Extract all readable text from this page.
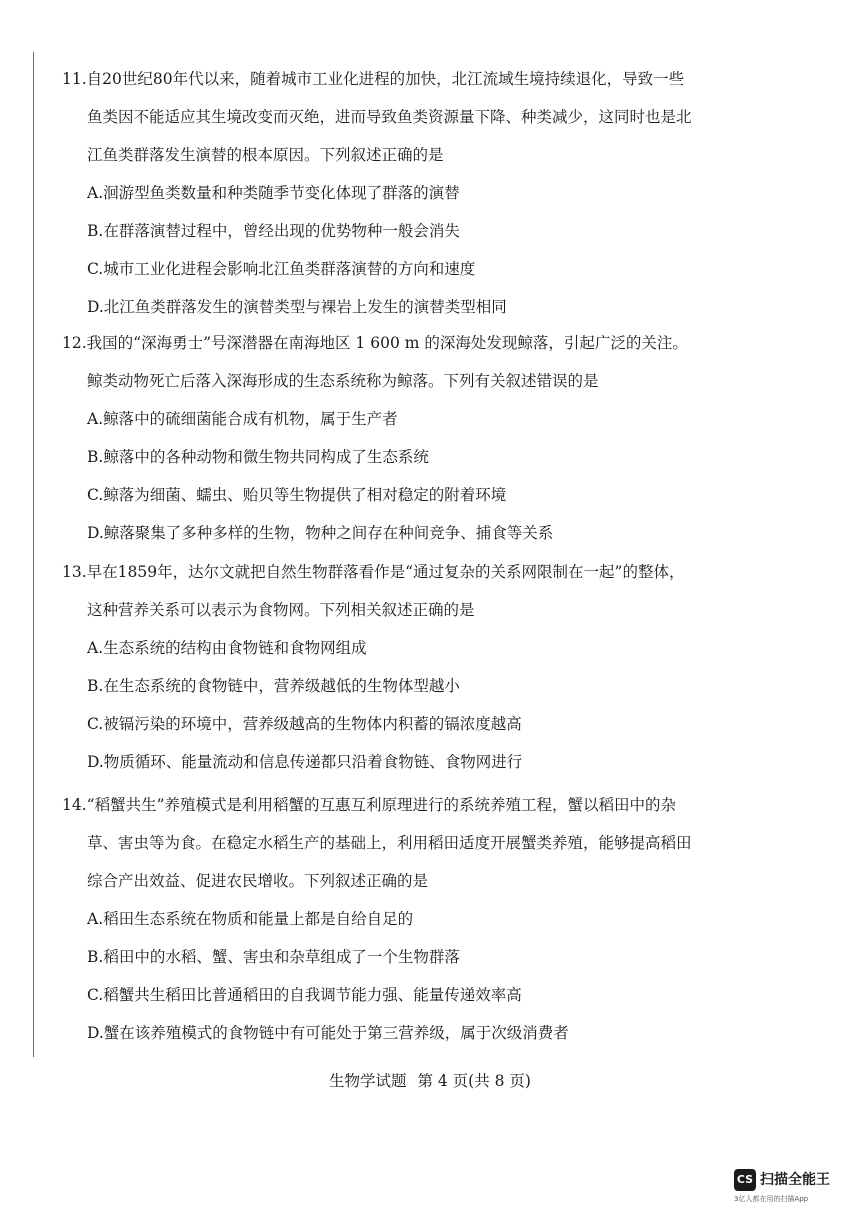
11.自20世纪80年代以来，随着城市工业化进程的加快，北江流域生境持续退化，导致一些
鱼类因不能适应其生境改变而灭绝，进而导致鱼类资源量下降、种类减少，这同时也是北
江鱼类群落发生演替的根本原因。下列叙述正确的是
A.洄游型鱼类数量和种类随季节变化体现了群落的演替
B.在群落演替过程中，曾经出现的优势物种一般会消失
C.城市工业化进程会影响北江鱼类群落演替的方向和速度
D.北江鱼类群落发生的演替类型与裸岩上发生的演替类型相同
12.我国的“深海勇士”号深潜器在南海地区 1 600 m 的深海处发现鲸落，引起广泛的关注。
鲸类动物死亡后落入深海形成的生态系统称为鲸落。下列有关叙述错误的是
A.鲸落中的硫细菌能合成有机物，属于生产者
B.鲸落中的各种动物和微生物共同构成了生态系统
C.鲸落为细菌、蠕虫、贻贝等生物提供了相对稳定的附着环境
D.鲸落聚集了多种多样的生物，物种之间存在种间竞争、捕食等关系
13.早在1859年，达尔文就把自然生物群落看作是“通过复杂的关系网限制在一起”的整体，
这种营养关系可以表示为食物网。下列相关叙述正确的是
A.生态系统的结构由食物链和食物网组成
B.在生态系统的食物链中，营养级越低的生物体型越小
C.被镉污染的环境中，营养级越高的生物体内积蓄的镉浓度越高
D.物质循环、能量流动和信息传递都只沿着食物链、食物网进行
14.“稻蟹共生”养殖模式是利用稻蟹的互惠互利原理进行的系统养殖工程，蟹以稻田中的杂
草、害虫等为食。在稳定水稻生产的基础上，利用稻田适度开展蟹类养殖，能够提高稻田
综合产出效益、促进农民增收。下列叙述正确的是
A.稻田生态系统在物质和能量上都是自给自足的
B.稻田中的水稻、蟹、害虫和杂草组成了一个生物群落
C.稻蟹共生稻田比普通稻田的自我调节能力强、能量传递效率高
D.蟹在该养殖模式的食物链中有可能处于第三营养级，属于次级消费者
生物学试题 第 4 页(共 8 页)
CS 扫描全能王
3亿人都在用的扫描App
